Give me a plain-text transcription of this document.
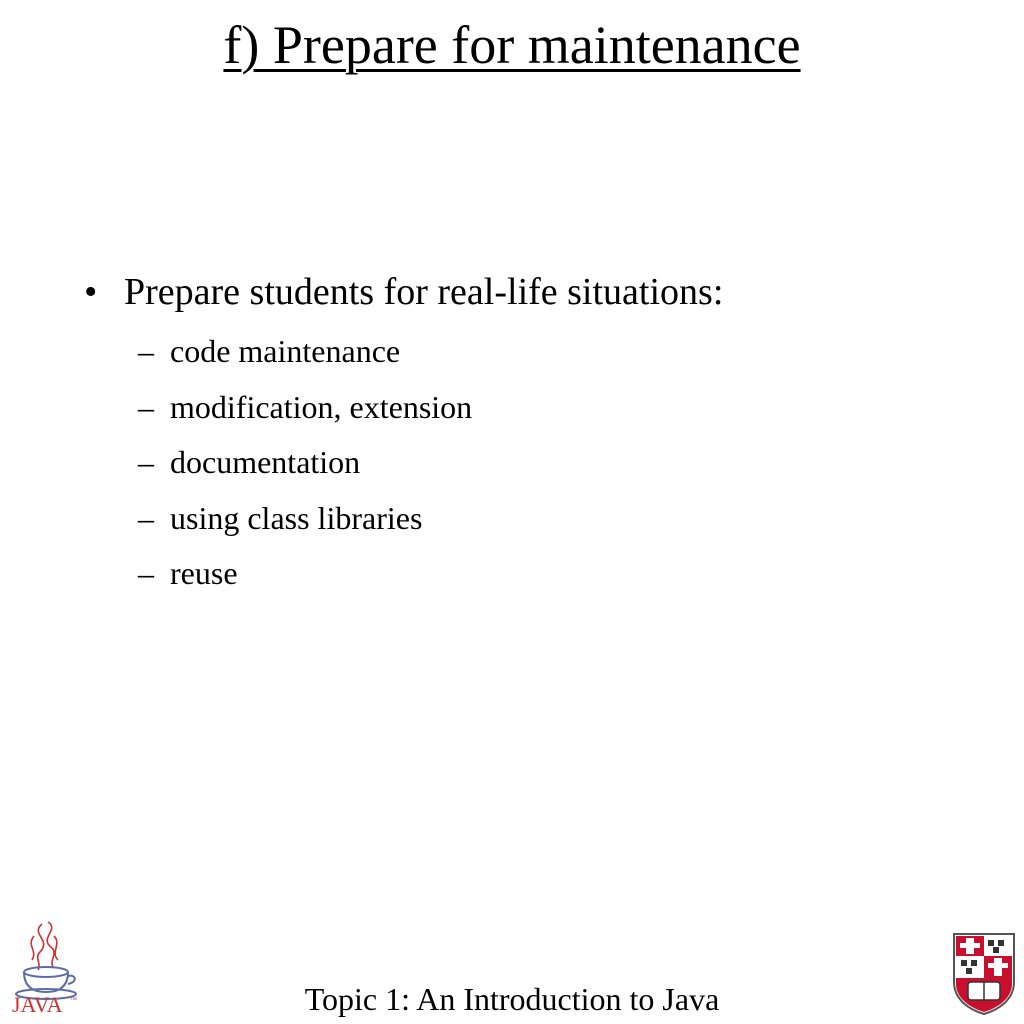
f) Prepare for maintenance
• Prepare students for real-life situations:
– code maintenance
– modification, extension
– documentation
– using class libraries
– reuse
JAVA ™	Topic 1: An Introduction to Java
